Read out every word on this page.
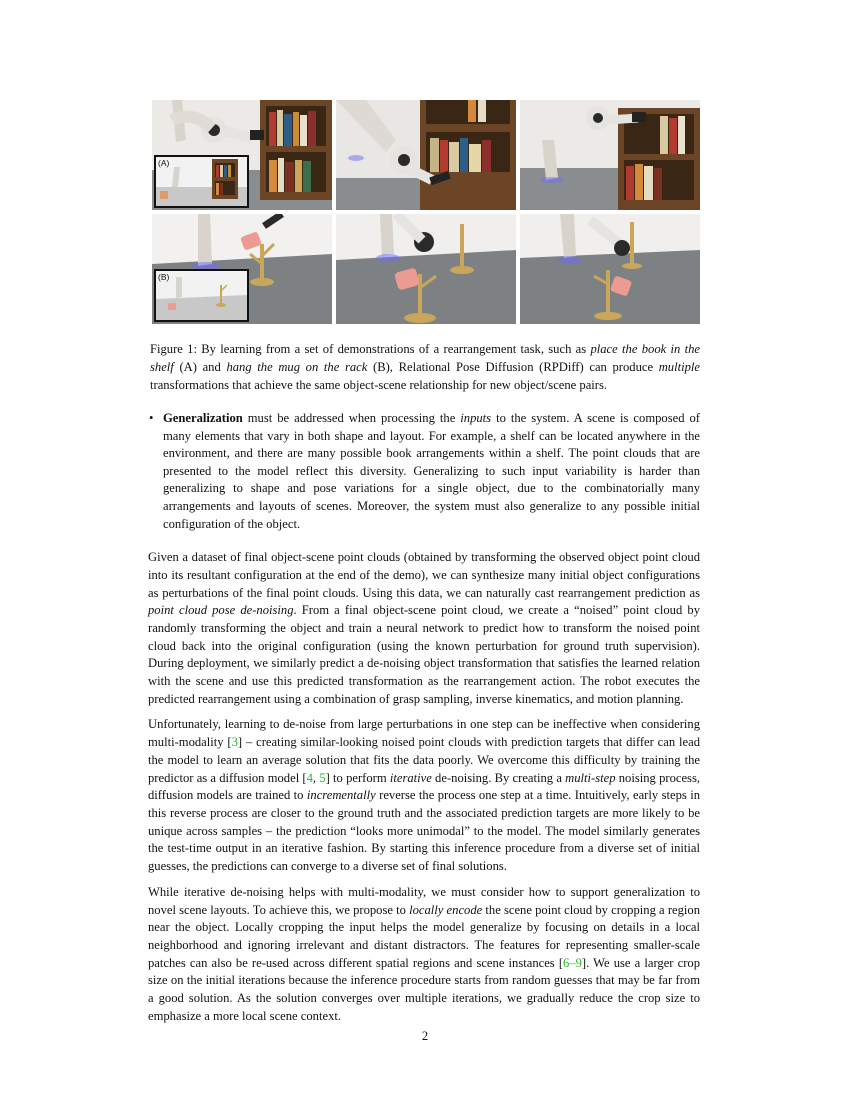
(A)
(B)
Figure 1: By learning from a set of demonstrations of a rearrangement task, such as place the book in the shelf (A) and hang the mug on the rack (B), Relational Pose Diffusion (RPDiff) can produce multiple transformations that achieve the same object-scene relationship for new object/scene pairs.
• Generalization must be addressed when processing the inputs to the system. A scene is composed of many elements that vary in both shape and layout. For example, a shelf can be located anywhere in the environment, and there are many possible book arrangements within a shelf. The point clouds that are presented to the model reflect this diversity. Generalizing to such input variability is harder than generalizing to shape and pose variations for a single object, due to the combinatorially many arrangements and layouts of scenes. Moreover, the system must also generalize to any possible initial configuration of the object.

Given a dataset of final object-scene point clouds (obtained by transforming the observed object point cloud into its resultant configuration at the end of the demo), we can synthesize many initial object configurations as perturbations of the final point clouds. Using this data, we can naturally cast rearrangement prediction as point cloud pose de-noising. From a final object-scene point cloud, we create a “noised” point cloud by randomly transforming the object and train a neural network to predict how to transform the noised point cloud back into the original configuration (using the known perturbation for ground truth supervision). During deployment, we similarly predict a de-noising object transformation that satisfies the learned relation with the scene and use this predicted transformation as the rearrangement action. The robot executes the predicted rearrangement using a combination of grasp sampling, inverse kinematics, and motion planning.

Unfortunately, learning to de-noise from large perturbations in one step can be ineffective when considering multi-modality [3] – creating similar-looking noised point clouds with prediction targets that differ can lead the model to learn an average solution that fits the data poorly. We overcome this difficulty by training the predictor as a diffusion model [4, 5] to perform iterative de-noising. By creating a multi-step noising process, diffusion models are trained to incrementally reverse the process one step at a time. Intuitively, early steps in this reverse process are closer to the ground truth and the associated prediction targets are more likely to be unique across samples – the prediction “looks more unimodal” to the model. The model similarly generates the test-time output in an iterative fashion. By starting this inference procedure from a diverse set of initial guesses, the predictions can converge to a diverse set of final solutions.

While iterative de-noising helps with multi-modality, we must consider how to support generalization to novel scene layouts. To achieve this, we propose to locally encode the scene point cloud by cropping a region near the object. Locally cropping the input helps the model generalize by focusing on details in a local neighborhood and ignoring irrelevant and distant distractors. The features for representing smaller-scale patches can also be re-used across different spatial regions and scene instances [6–9]. We use a larger crop size on the initial iterations because the inference procedure starts from random guesses that may be far from a good solution. As the solution converges over multiple iterations, we gradually reduce the crop size to emphasize a more local scene context.

2
